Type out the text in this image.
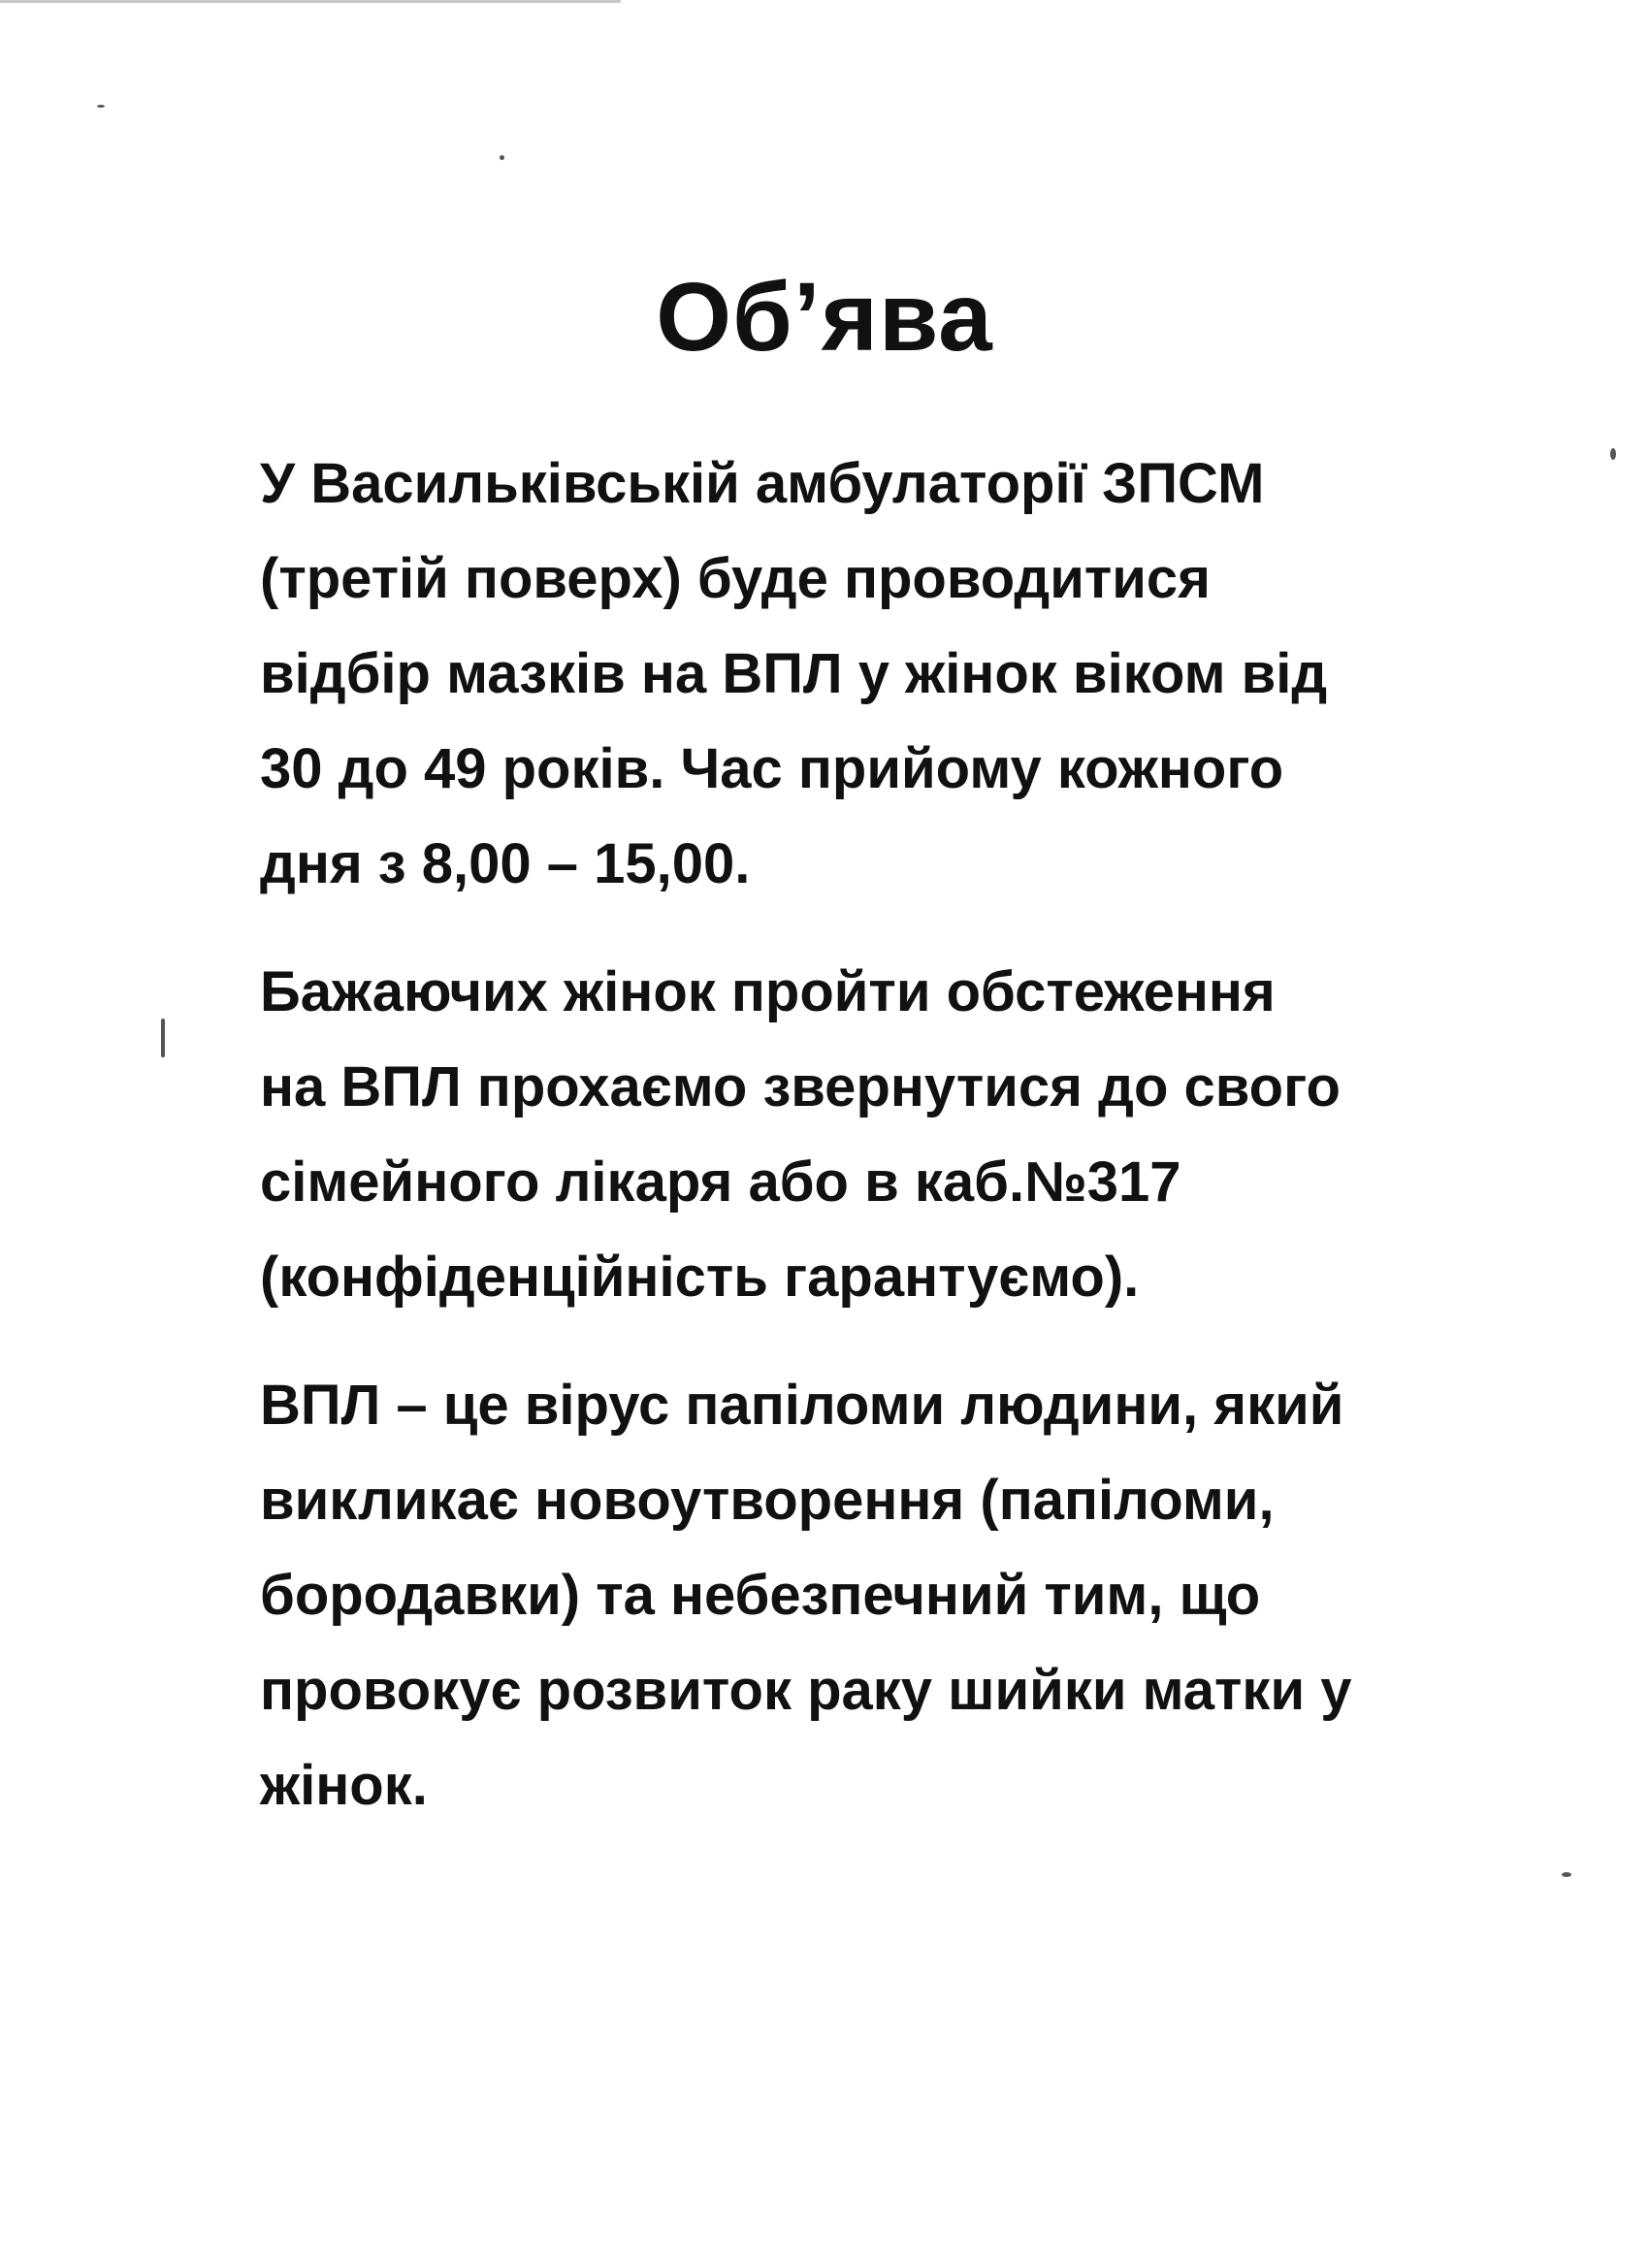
Об’ява

У Васильківській амбулаторії ЗПСМ
(третій поверх) буде проводитися
відбір мазків на ВПЛ у жінок віком від
30 до 49 років. Час прийому кожного
дня з 8,00 – 15,00.

Бажаючих жінок пройти обстеження
на ВПЛ прохаємо звернутися до свого
сімейного лікаря або в каб.№317
(конфіденційність гарантуємо).

ВПЛ – це вірус папіломи людини, який
викликає новоутворення (папіломи,
бородавки) та небезпечний тим, що
провокує розвиток раку шийки матки у
жінок.
